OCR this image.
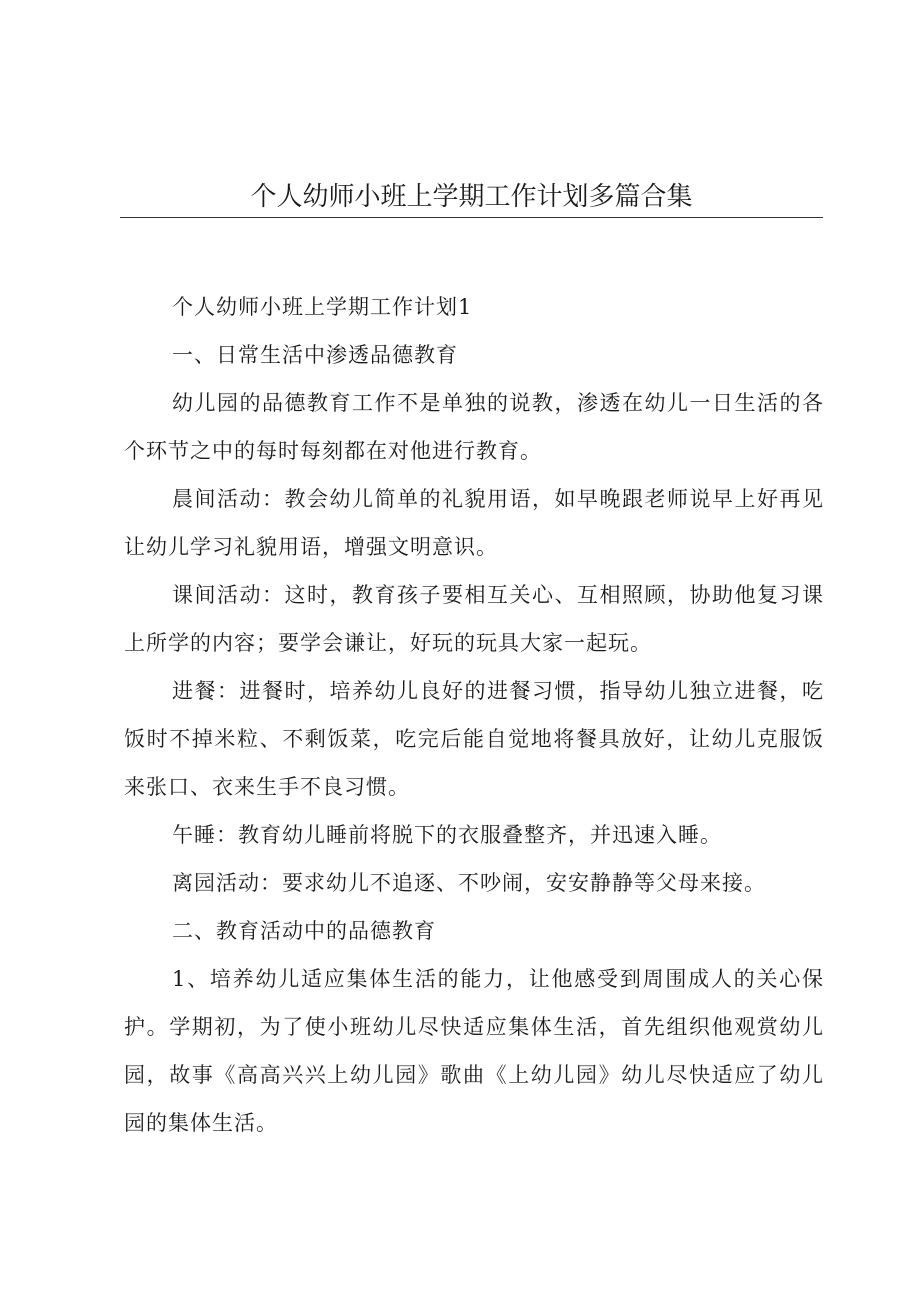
个人幼师小班上学期工作计划多篇合集

个人幼师小班上学期工作计划1

一、日常生活中渗透品德教育

幼儿园的品德教育工作不是单独的说教，渗透在幼儿一日生活的各个环节之中的每时每刻都在对他进行教育。

晨间活动：教会幼儿简单的礼貌用语，如早晚跟老师说早上好再见让幼儿学习礼貌用语，增强文明意识。

课间活动：这时，教育孩子要相互关心、互相照顾，协助他复习课上所学的内容；要学会谦让，好玩的玩具大家一起玩。

进餐：进餐时，培养幼儿良好的进餐习惯，指导幼儿独立进餐，吃饭时不掉米粒、不剩饭菜，吃完后能自觉地将餐具放好，让幼儿克服饭来张口、衣来生手不良习惯。

午睡：教育幼儿睡前将脱下的衣服叠整齐，并迅速入睡。

离园活动：要求幼儿不追逐、不吵闹，安安静静等父母来接。

二、教育活动中的品德教育

1、培养幼儿适应集体生活的能力，让他感受到周围成人的关心保护。学期初，为了使小班幼儿尽快适应集体生活，首先组织他观赏幼儿园，故事《高高兴兴上幼儿园》歌曲《上幼儿园》幼儿尽快适应了幼儿园的集体生活。
